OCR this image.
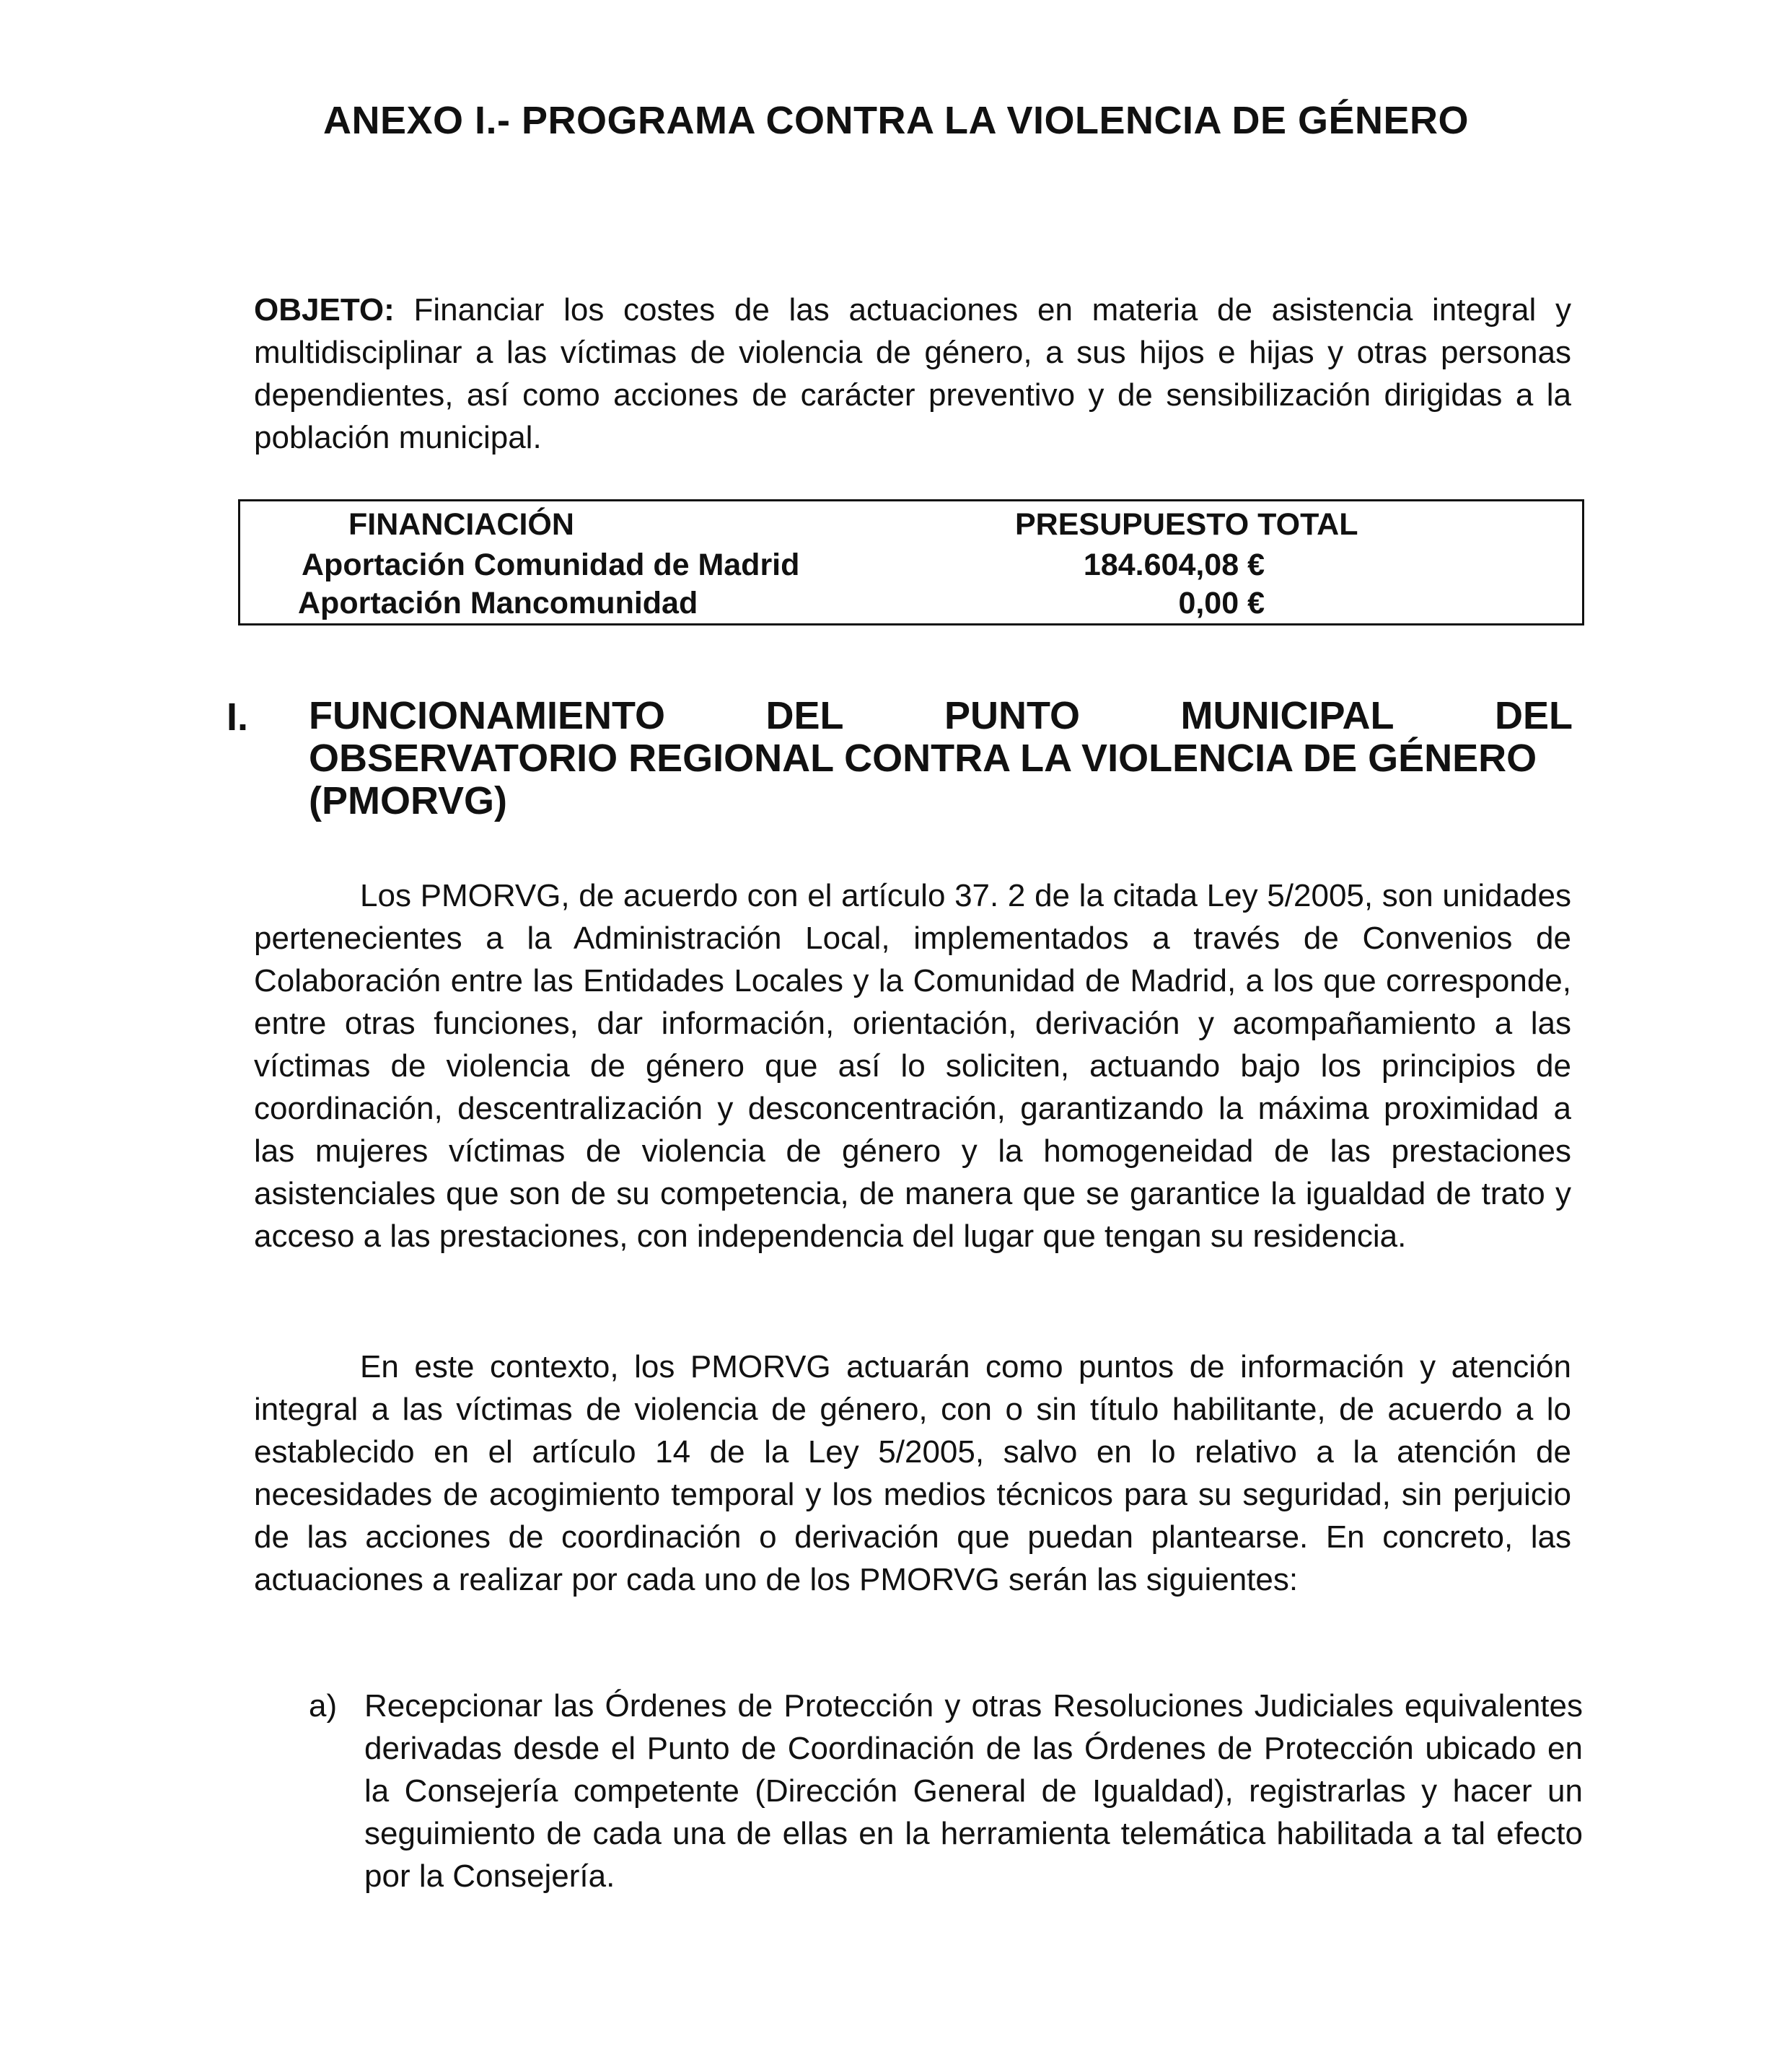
ANEXO I.- PROGRAMA CONTRA LA VIOLENCIA DE GÉNERO
OBJETO: Financiar los costes de las actuaciones en materia de asistencia integral y multidisciplinar a las víctimas de violencia de género, a sus hijos e hijas y otras personas dependientes, así como acciones de carácter preventivo y de sensibilización dirigidas a la población municipal.
FINANCIACIÓN	PRESUPUESTO TOTAL
Aportación Comunidad de Madrid	184.604,08 €
Aportación Mancomunidad	0,00 €
I. FUNCIONAMIENTO	DEL	PUNTO	MUNICIPAL	DEL
OBSERVATORIO REGIONAL CONTRA LA VIOLENCIA DE GÉNERO
(PMORVG)
Los PMORVG, de acuerdo con el artículo 37. 2 de la citada Ley 5/2005, son unidades pertenecientes a la Administración Local, implementados a través de Convenios de Colaboración entre las Entidades Locales y la Comunidad de Madrid, a los que corresponde, entre otras funciones, dar información, orientación, derivación y acompañamiento a las víctimas de violencia de género que así lo soliciten, actuando bajo los principios de coordinación, descentralización y desconcentración, garantizando la máxima proximidad a las mujeres víctimas de violencia de género y la homogeneidad de las prestaciones asistenciales que son de su competencia, de manera que se garantice la igualdad de trato y acceso a las prestaciones, con independencia del lugar que tengan su residencia.
En este contexto, los PMORVG actuarán como puntos de información y atención integral a las víctimas de violencia de género, con o sin título habilitante, de acuerdo a lo establecido en el artículo 14 de la Ley 5/2005, salvo en lo relativo a la atención de necesidades de acogimiento temporal y los medios técnicos para su seguridad, sin perjuicio de las acciones de coordinación o derivación que puedan plantearse. En concreto, las actuaciones a realizar por cada uno de los PMORVG serán las siguientes:
a) Recepcionar las Órdenes de Protección y otras Resoluciones Judiciales equivalentes derivadas desde el Punto de Coordinación de las Órdenes de Protección ubicado en la Consejería competente (Dirección General de Igualdad), registrarlas y hacer un seguimiento de cada una de ellas en la herramienta telemática habilitada a tal efecto por la Consejería.
